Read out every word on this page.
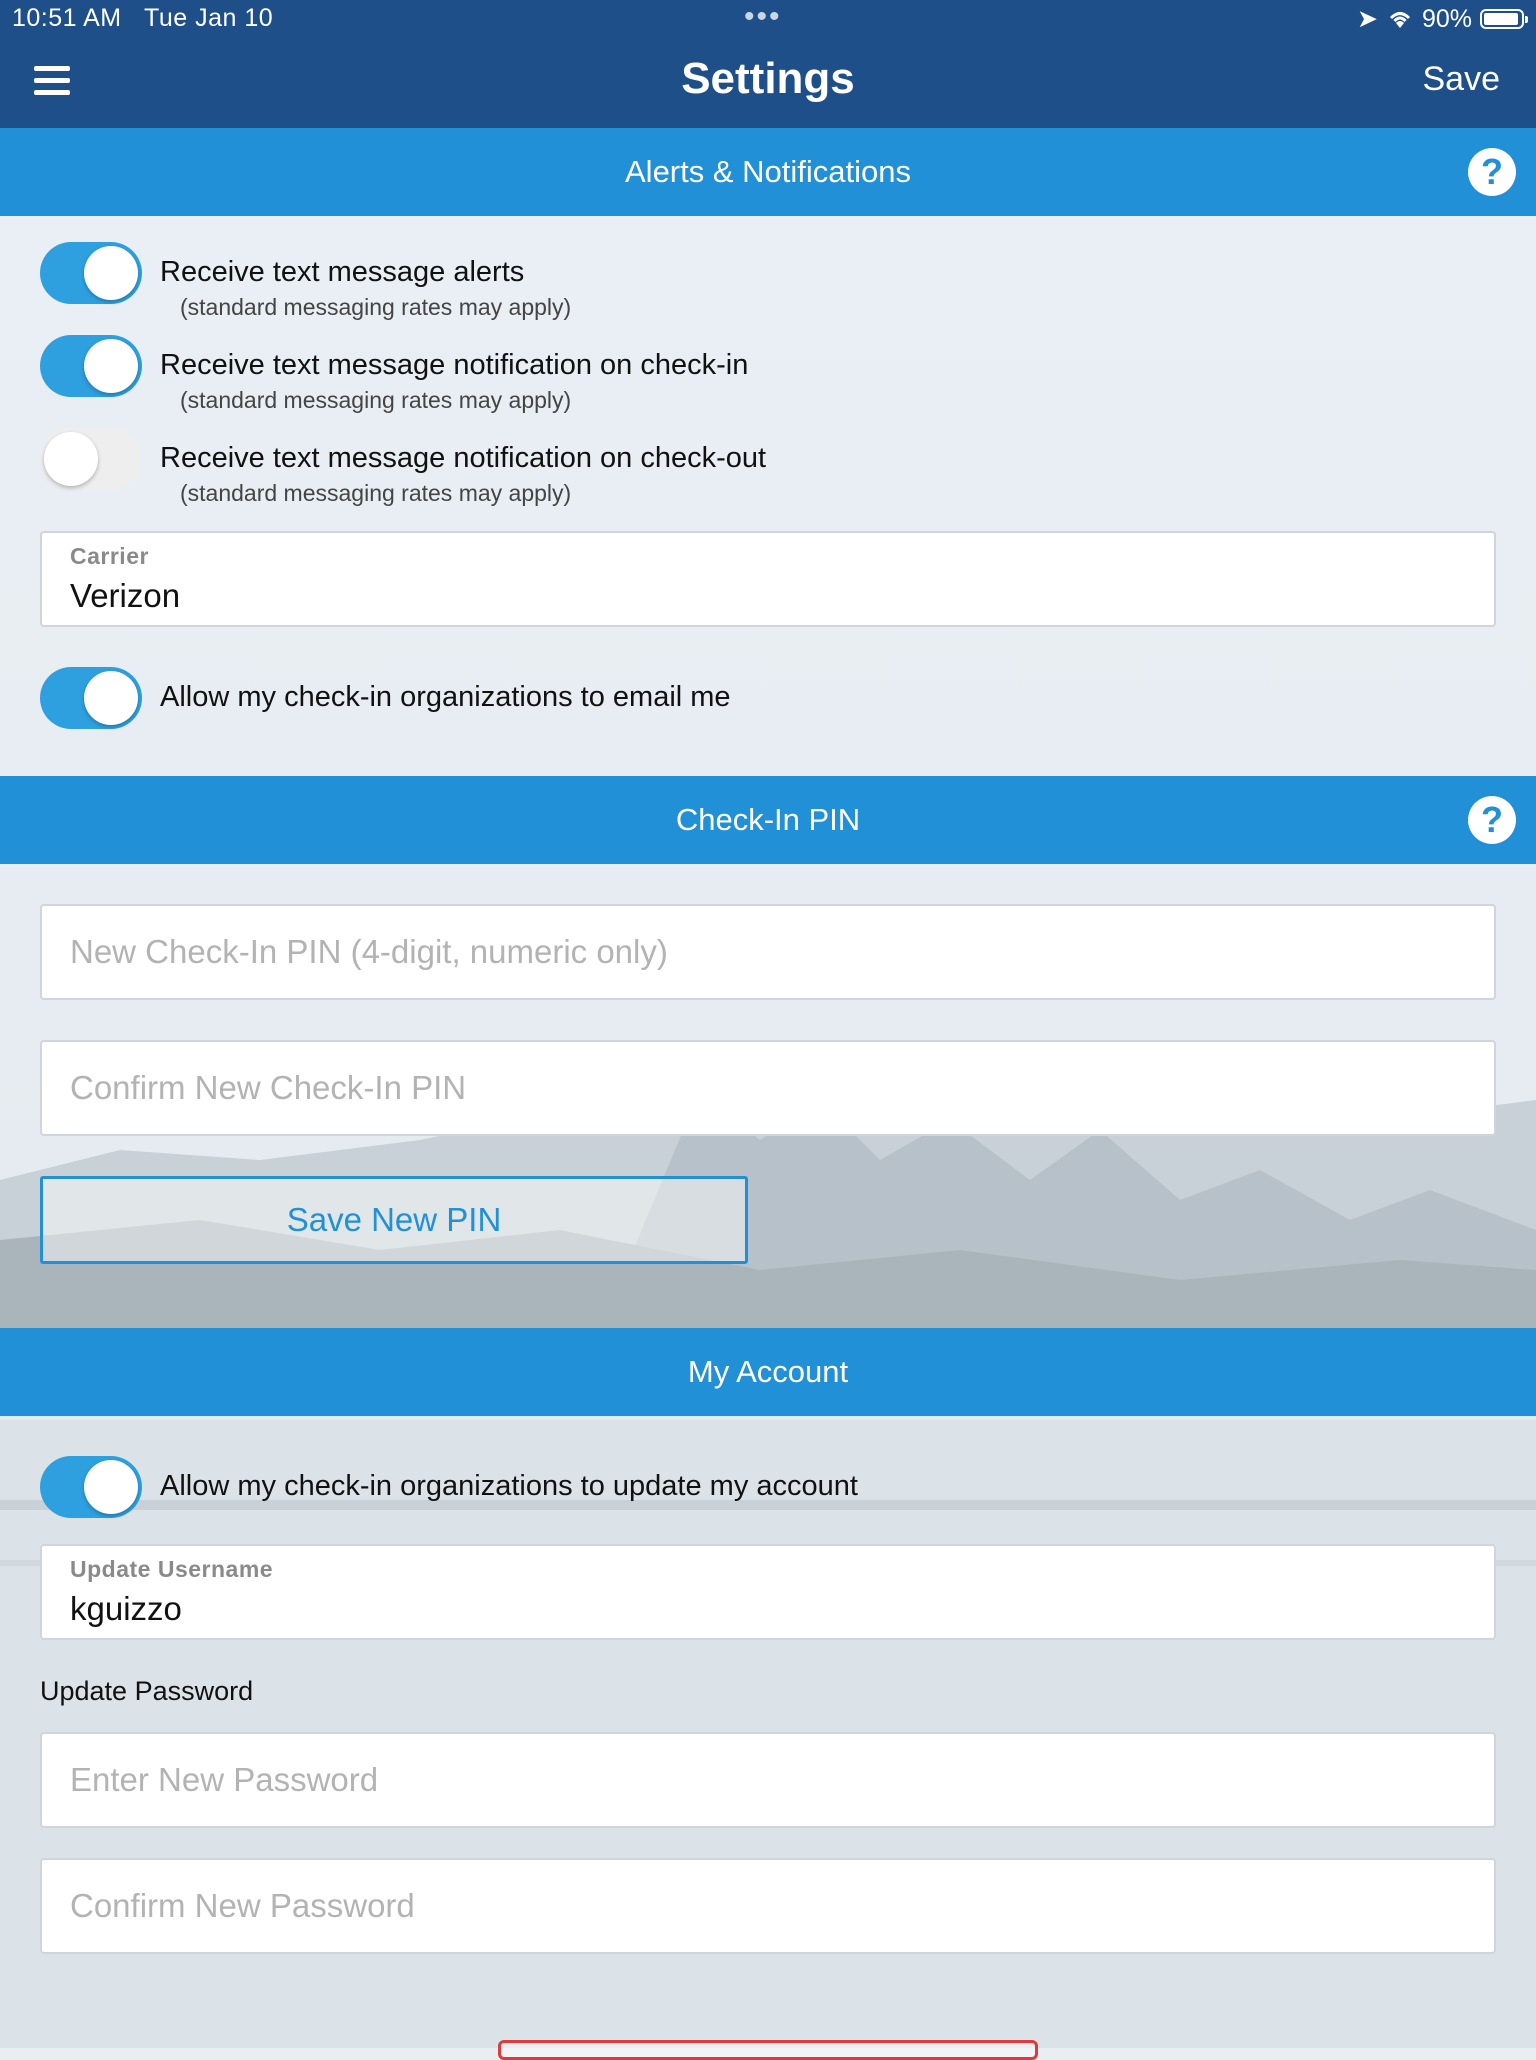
10:51 AM Tue Jan 10	•••	➤ 90%
Settings	Save
Alerts & Notifications	?
Receive text message alerts
(standard messaging rates may apply)
Receive text message notification on check-in
(standard messaging rates may apply)
Receive text message notification on check-out
(standard messaging rates may apply)
Carrier
Verizon
Allow my check-in organizations to email me
Check-In PIN	?
New Check-In PIN (4-digit, numeric only)
Confirm New Check-In PIN
Save New PIN
My Account
Allow my check-in organizations to update my account
Update Username
kguizzo
Update Password
